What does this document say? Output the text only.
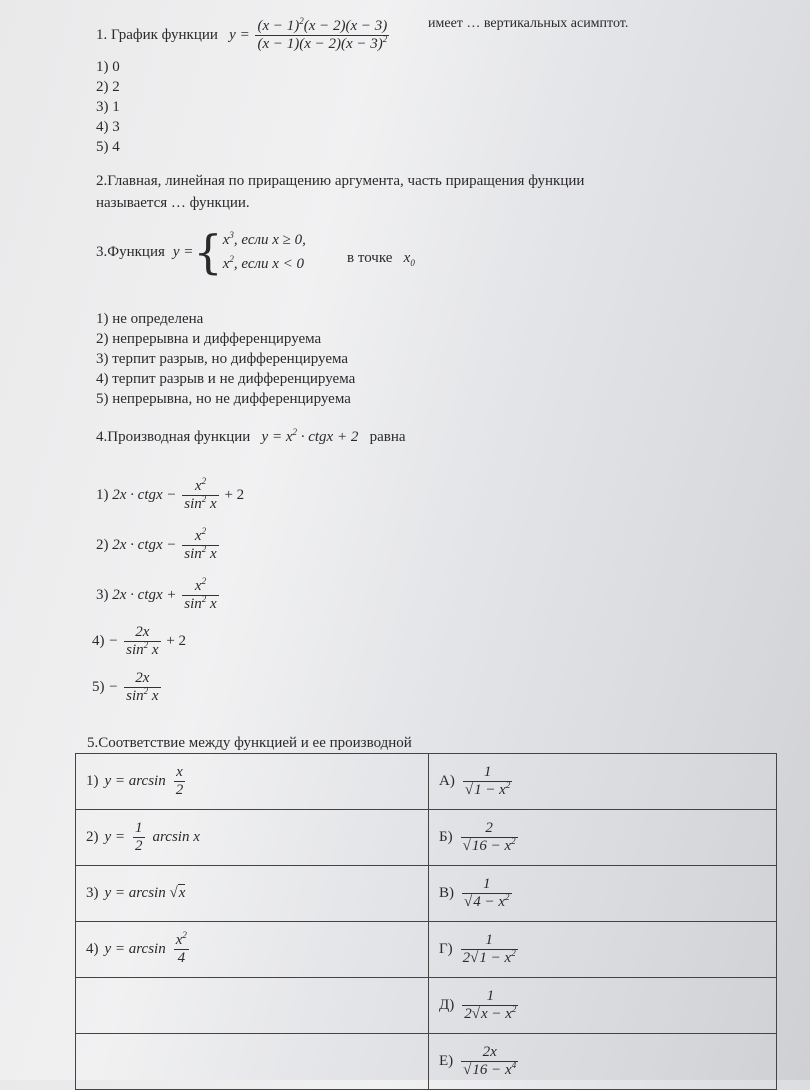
1. График функции   $y = \frac{(x - 1)^2(x - 2)(x - 3)}{(x - 1)(x - 2)(x - 3)^2}$	имеет … вертикальных асимптот.
1) 0
2) 2
3) 1
4) 3
5) 4
2.Главная, линейная по приращению аргумента, часть приращения функции
называется … функции.
3.Функция y = { $x^3$, если x ≥ 0,
$x^2$, если x < 0	в точке   $x_0$
1) не определена
2) непрерывна и дифференцируема
3) терпит разрыв, но дифференцируема
4) терпит разрыв и не дифференцируема
5) непрерывна, но не дифференцируема
4.Производная функции   $y = x^2$ · ctgx + 2   равна
1) 2x · ctgx − $\frac{x^2}{\sin^2 x} + 2$
2) 2x · ctgx − $\frac{x^2}{\sin^2 x}$
3) 2x · ctgx + $\frac{x^2}{\sin^2 x}$
$4) - \frac{2x}{\sin^2 x} + 2$
$5) - \frac{2x}{\sin^2 x}$
5.Соответствие между функцией и ее производной
1) $y = \arcsin \frac{x}{2}$	$А) \frac{1}{√1 - x^2}$

2) $y = \frac{1}{2}$ arcsin x	$Б) \frac{2}{√16 - x^2}$

3) y = arcsin √x	$В) \frac{1}{√4 - x^2}$

4) $y = \arcsin \frac{x^2}{4}$	$Г) \frac{1}{2√1 - x^2}$

	$Д) \frac{1}{2√x - x^2}$

	$Е) \frac{2x}{√16 - x^4}$
